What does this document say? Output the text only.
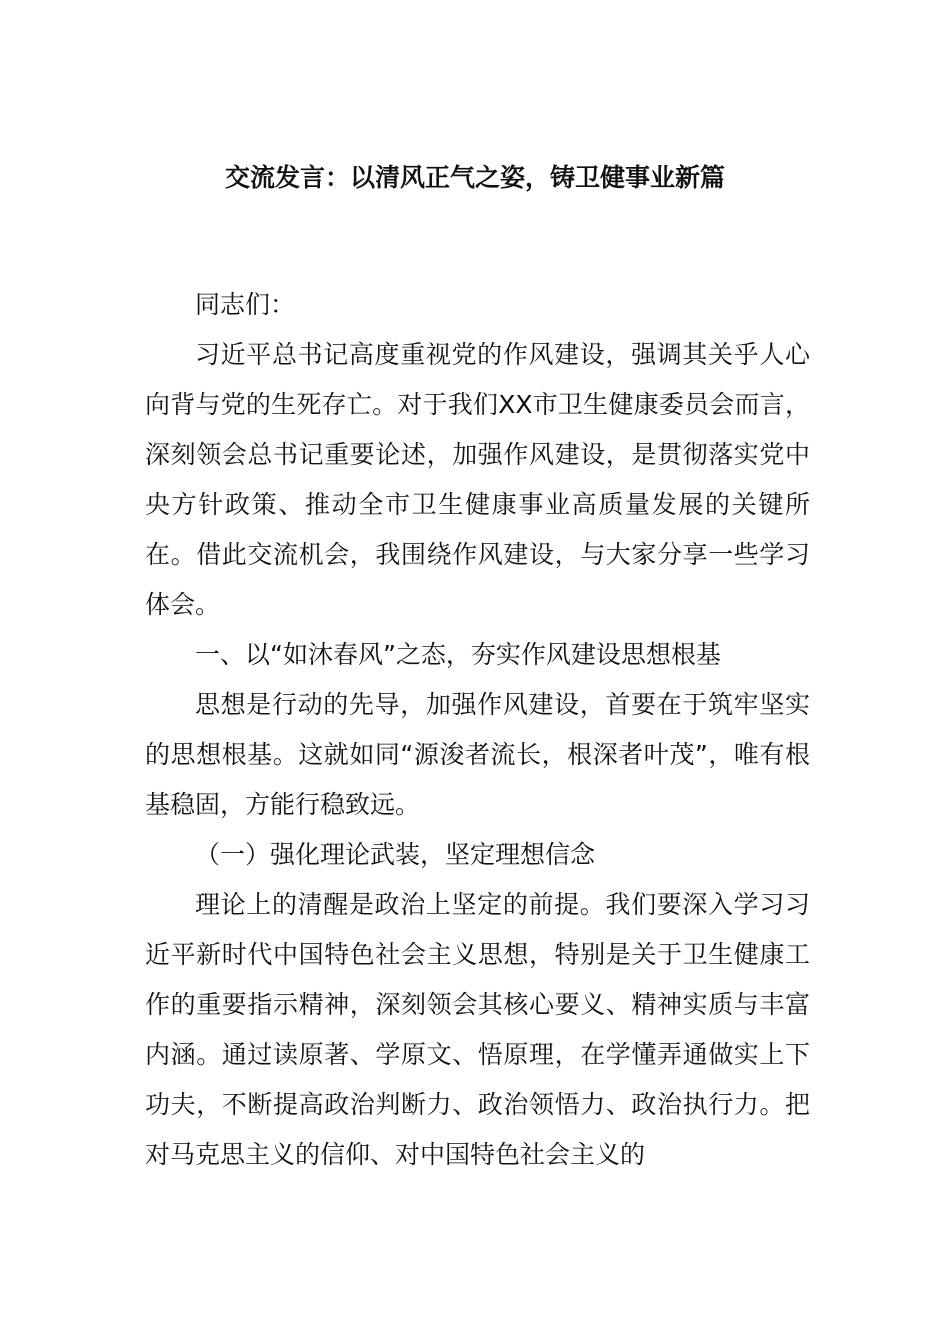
交流发言：以清风正气之姿，铸卫健事业新篇

同志们：

习近平总书记高度重视党的作风建设，强调其关乎人心向背与党的生死存亡。对于我们XX市卫生健康委员会而言，深刻领会总书记重要论述，加强作风建设，是贯彻落实党中央方针政策、推动全市卫生健康事业高质量发展的关键所在。借此交流机会，我围绕作风建设，与大家分享一些学习体会。

一、以“如沐春风”之态，夯实作风建设思想根基

思想是行动的先导，加强作风建设，首要在于筑牢坚实的思想根基。这就如同“源浚者流长，根深者叶茂”，唯有根基稳固，方能行稳致远。

（一）强化理论武装，坚定理想信念

理论上的清醒是政治上坚定的前提。我们要深入学习习近平新时代中国特色社会主义思想，特别是关于卫生健康工作的重要指示精神，深刻领会其核心要义、精神实质与丰富内涵。通过读原著、学原文、悟原理，在学懂弄通做实上下功夫，不断提高政治判断力、政治领悟力、政治执行力。把对马克思主义的信仰、对中国特色社会主义的
